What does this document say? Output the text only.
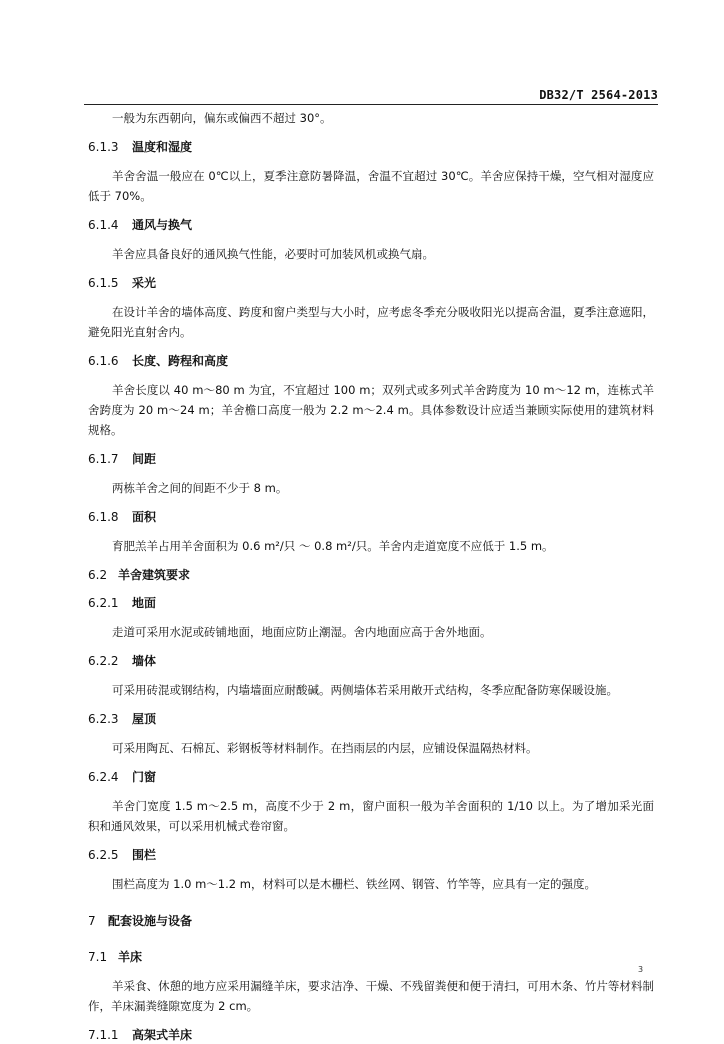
DB32/T 2564-2013

一般为东西朝向，偏东或偏西不超过 30°。

6.1.3 温度和湿度

羊舍舍温一般应在 0℃以上，夏季注意防暑降温，舍温不宜超过 30℃。羊舍应保持干燥，空气相对湿度应低于 70%。

6.1.4 通风与换气

羊舍应具备良好的通风换气性能，必要时可加装风机或换气扇。

6.1.5 采光

在设计羊舍的墙体高度、跨度和窗户类型与大小时，应考虑冬季充分吸收阳光以提高舍温，夏季注意遮阳，避免阳光直射舍内。

6.1.6 长度、跨程和高度

羊舍长度以 40 m～80 m 为宜，不宜超过 100 m；双列式或多列式羊舍跨度为 10 m～12 m，连栋式羊舍跨度为 20 m～24 m；羊舍檐口高度一般为 2.2 m～2.4 m。具体参数设计应适当兼顾实际使用的建筑材料规格。

6.1.7 间距

两栋羊舍之间的间距不少于 8 m。

6.1.8 面积

育肥羔羊占用羊舍面积为 0.6 m²/只 ～ 0.8 m²/只。羊舍内走道宽度不应低于 1.5 m。

6.2 羊舍建筑要求
6.2.1 地面

走道可采用水泥或砖铺地面，地面应防止潮湿。舍内地面应高于舍外地面。

6.2.2 墙体

可采用砖混或钢结构，内墙墙面应耐酸碱。两侧墙体若采用敞开式结构，冬季应配备防寒保暖设施。

6.2.3 屋顶

可采用陶瓦、石棉瓦、彩钢板等材料制作。在挡雨层的内层，应铺设保温隔热材料。

6.2.4 门窗

羊舍门宽度 1.5 m～2.5 m，高度不少于 2 m，窗户面积一般为羊舍面积的 1/10 以上。为了增加采光面积和通风效果，可以采用机械式卷帘窗。

6.2.5 围栏

围栏高度为 1.0 m～1.2 m，材料可以是木栅栏、铁丝网、钢管、竹竿等，应具有一定的强度。

7 配套设施与设备
7.1 羊床

羊采食、休憩的地方应采用漏缝羊床，要求洁净、干燥、不残留粪便和便于清扫，可用木条、竹片等材料制作，羊床漏粪缝隙宽度为 2 cm。

7.1.1 高架式羊床
3
